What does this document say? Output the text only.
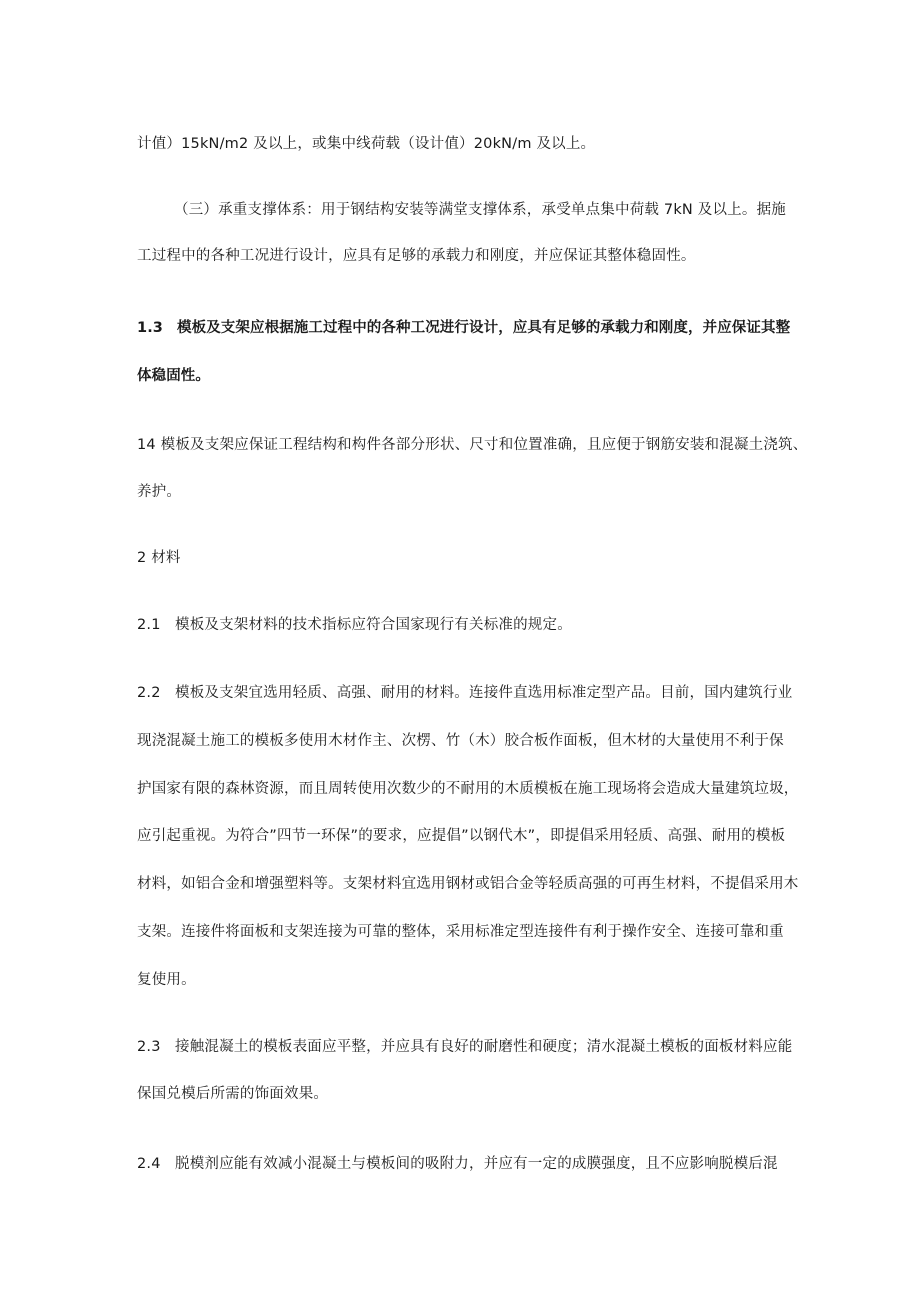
计值）15kN/m2 及以上，或集中线荷载（设计值）20kN/m 及以上。
（三）承重支撑体系：用于钢结构安装等满堂支撑体系，承受单点集中荷载 7kN 及以上。据施
工过程中的各种工况进行设计，应具有足够的承载力和刚度，并应保证其整体稳固性。
1.3 模板及支架应根据施工过程中的各种工况进行设计，应具有足够的承载力和刚度，并应保证其整
体稳固性。
14 模板及支架应保证工程结构和构件各部分形状、尺寸和位置准确，且应便于钢筋安装和混凝土浇筑、
养护。
2 材料
2.1 模板及支架材料的技术指标应符合国家现行有关标准的规定。
2.2 模板及支架宜选用轻质、高强、耐用的材料。连接件直选用标准定型产品。目前，国内建筑行业
现浇混凝土施工的模板多使用木材作主、次楞、竹（木）胶合板作面板，但木材的大量使用不利于保
护国家有限的森林资源，而且周转使用次数少的不耐用的木质模板在施工现场将会造成大量建筑垃圾，
应引起重视。为符合”四节一环保”的要求，应提倡”以钢代木”，即提倡采用轻质、高强、耐用的模板
材料，如铝合金和增强塑料等。支架材料宜选用钢材或铝合金等轻质高强的可再生材料，不提倡采用木
支架。连接件将面板和支架连接为可靠的整体，采用标准定型连接件有利于操作安全、连接可靠和重
复使用。
2.3 接触混凝土的模板表面应平整，并应具有良好的耐磨性和硬度；清水混凝土模板的面板材料应能
保国兑模后所需的饰面效果。
2.4 脱模剂应能有效减小混凝土与模板间的吸附力，并应有一定的成膜强度，且不应影响脱模后混
